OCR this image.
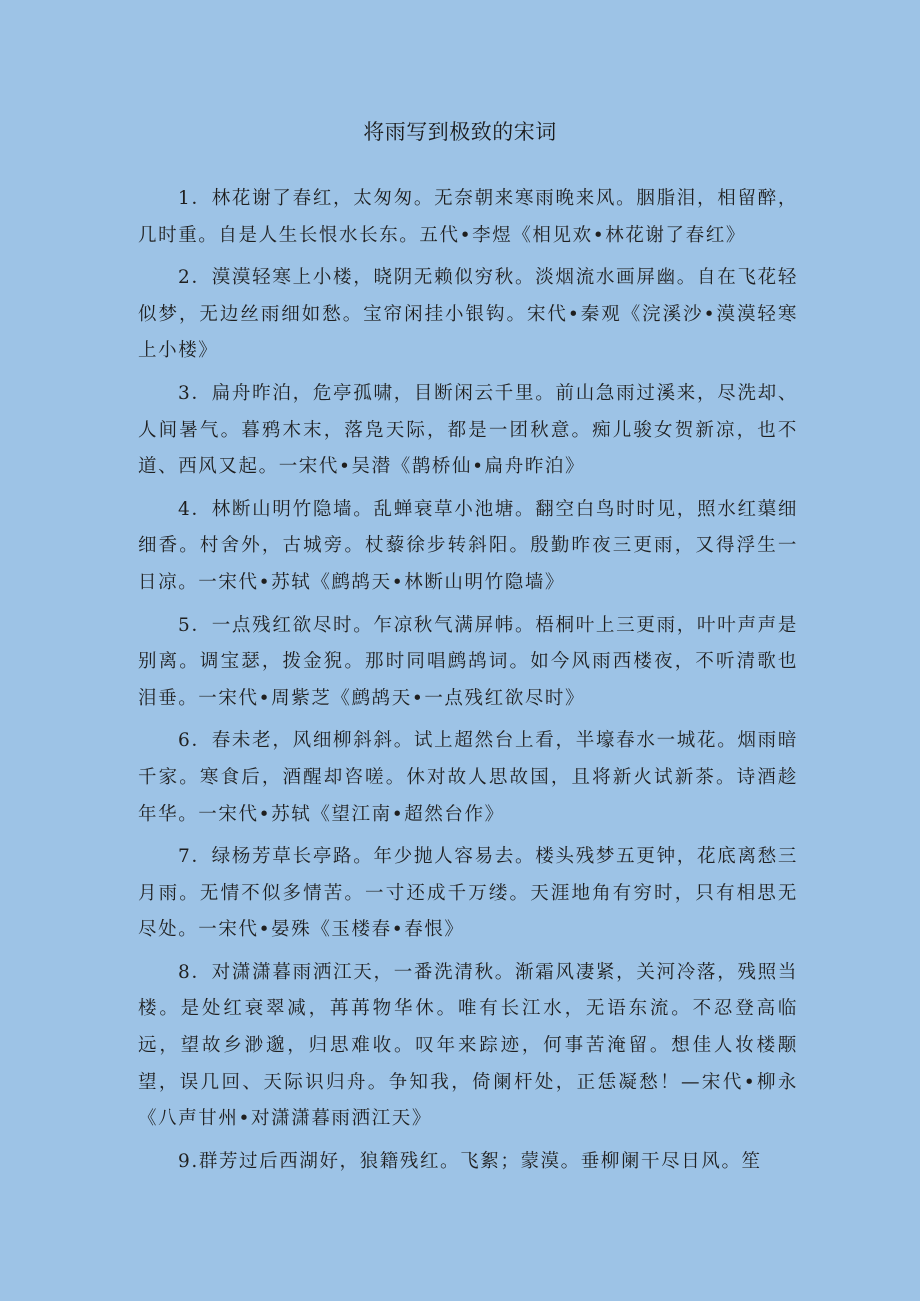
将雨写到极致的宋词

1．林花谢了春红，太匆匆。无奈朝来寒雨晚来风。胭脂泪，相留醉，几时重。自是人生长恨水长东。五代•李煜《相见欢•林花谢了春红》

2．漠漠轻寒上小楼，晓阴无赖似穷秋。淡烟流水画屏幽。自在飞花轻似梦，无边丝雨细如愁。宝帘闲挂小银钩。宋代•秦观《浣溪沙•漠漠轻寒上小楼》

3．扁舟昨泊，危亭孤啸，目断闲云千里。前山急雨过溪来，尽洗却、人间暑气。暮鸦木末，落凫天际，都是一团秋意。痴儿骏女贺新凉，也不道、西风又起。一宋代•吴潜《鹊桥仙•扁舟昨泊》

4．林断山明竹隐墙。乱蝉衰草小池塘。翻空白鸟时时见，照水红蕖细细香。村舍外，古城旁。杖藜徐步转斜阳。殷勤昨夜三更雨，又得浮生一日凉。一宋代•苏轼《鹧鸪天•林断山明竹隐墙》

5．一点残红欲尽时。乍凉秋气满屏帏。梧桐叶上三更雨，叶叶声声是别离。调宝瑟，拨金猊。那时同唱鹧鸪词。如今风雨西楼夜，不听清歌也泪垂。一宋代•周紫芝《鹧鸪天•一点残红欲尽时》

6．春未老，风细柳斜斜。试上超然台上看，半壕春水一城花。烟雨暗千家。寒食后，酒醒却咨嗟。休对故人思故国，且将新火试新茶。诗酒趁年华。一宋代•苏轼《望江南•超然台作》

7．绿杨芳草长亭路。年少抛人容易去。楼头残梦五更钟，花底离愁三月雨。无情不似多情苦。一寸还成千万缕。天涯地角有穷时，只有相思无尽处。一宋代•晏殊《玉楼春•春恨》

8．对潇潇暮雨洒江天，一番洗清秋。渐霜风凄紧，关河冷落，残照当楼。是处红衰翠减，苒苒物华休。唯有长江水，无语东流。不忍登高临远，望故乡渺邈，归思难收。叹年来踪迹，何事苦淹留。想佳人妆楼颙望，误几回、天际识归舟。争知我，倚阑杆处，正恁凝愁！—宋代•柳永《八声甘州•对潇潇暮雨洒江天》

9.群芳过后西湖好，狼籍残红。飞絮；蒙漠。垂柳阑干尽日风。笙
